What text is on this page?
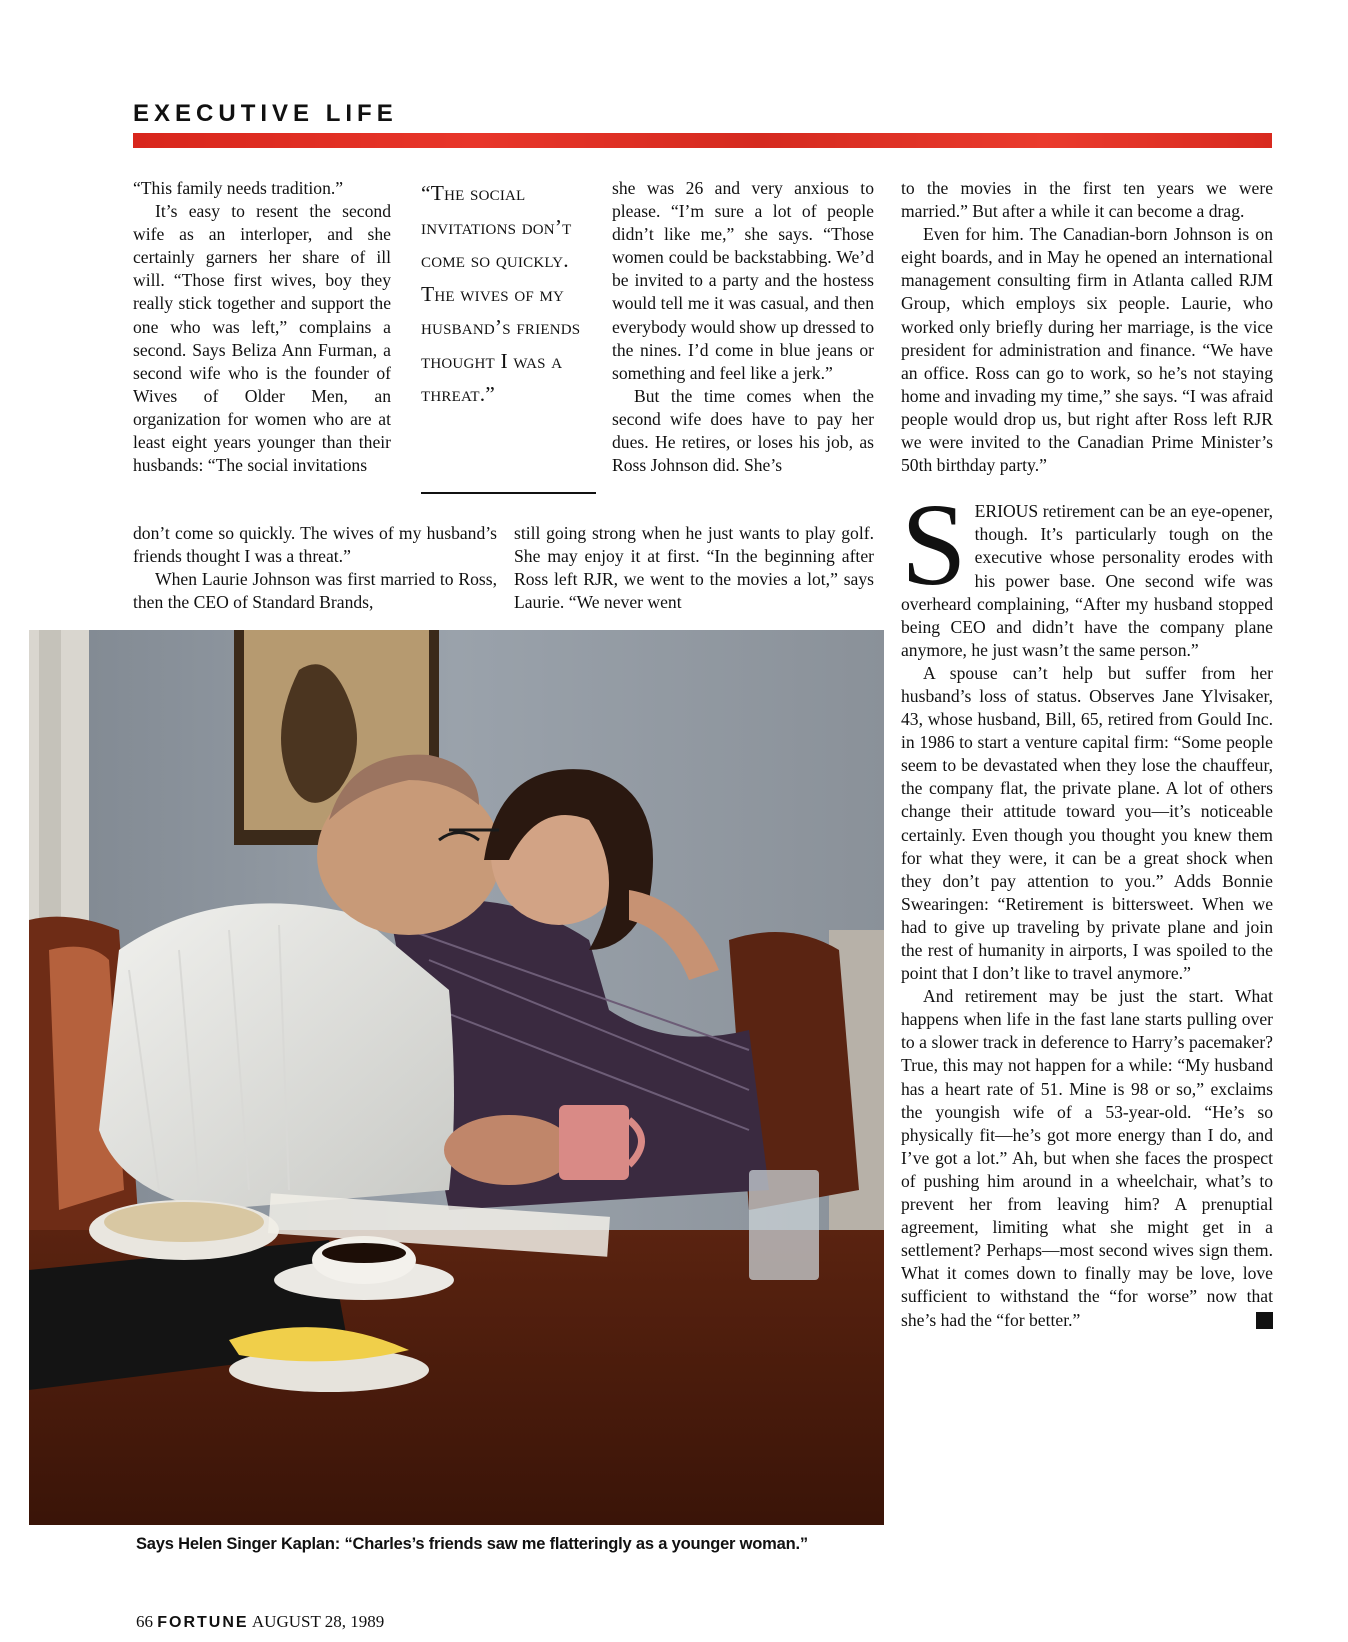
EXECUTIVE LIFE

“This family needs tradition.”

It’s easy to resent the second wife as an interloper, and she certainly garners her share of ill will. “Those first wives, boy they really stick together and support the one who was left,” complains a second. Says Beliza Ann Furman, a second wife who is the founder of Wives of Older Men, an organization for women who are at least eight years younger than their husbands: “The social invitations

don’t come so quickly. The wives of my husband’s friends thought I was a threat.”

When Laurie Johnson was first married to Ross, then the CEO of Standard Brands,

“The social invitations don’t come so quickly. The wives of my husband’s friends thought I was a threat.”

she was 26 and very anxious to please. “I’m sure a lot of people didn’t like me,” she says. “Those women could be backstabbing. We’d be invited to a party and the hostess would tell me it was casual, and then everybody would show up dressed to the nines. I’d come in blue jeans or something and feel like a jerk.”

But the time comes when the second wife does have to pay her dues. He retires, or loses his job, as Ross Johnson did. She’s

still going strong when he just wants to play golf. She may enjoy it at first. “In the beginning after Ross left RJR, we went to the movies a lot,” says Laurie. “We never went

to the movies in the first ten years we were married.” But after a while it can become a drag.

Even for him. The Canadian-born Johnson is on eight boards, and in May he opened an international management consulting firm in Atlanta called RJM Group, which employs six people. Laurie, who worked only briefly during her marriage, is the vice president for administration and finance. “We have an office. Ross can go to work, so he’s not staying home and invading my time,” she says. “I was afraid people would drop us, but right after Ross left RJR we were invited to the Canadian Prime Minister’s 50th birthday party.”

SERIOUS retirement can be an eye-opener, though. It’s particularly tough on the executive whose personality erodes with his power base. One second wife was overheard complaining, “After my husband stopped being CEO and didn’t have the company plane anymore, he just wasn’t the same person.”

A spouse can’t help but suffer from her husband’s loss of status. Observes Jane Ylvisaker, 43, whose husband, Bill, 65, retired from Gould Inc. in 1986 to start a venture capital firm: “Some people seem to be devastated when they lose the chauffeur, the company flat, the private plane. A lot of others change their attitude toward you—it’s noticeable certainly. Even though you thought you knew them for what they were, it can be a great shock when they don’t pay attention to you.” Adds Bonnie Swearingen: “Retirement is bittersweet. When we had to give up traveling by private plane and join the rest of humanity in airports, I was spoiled to the point that I don’t like to travel anymore.”

And retirement may be just the start. What happens when life in the fast lane starts pulling over to a slower track in deference to Harry’s pacemaker? True, this may not happen for a while: “My husband has a heart rate of 51. Mine is 98 or so,” exclaims the youngish wife of a 53-year-old. “He’s so physically fit—he’s got more energy than I do, and I’ve got a lot.” Ah, but when she faces the prospect of pushing him around in a wheelchair, what’s to prevent her from leaving him? A prenuptial agreement, limiting what she might get in a settlement? Perhaps—most second wives sign them. What it comes down to finally may be love, love sufficient to withstand the “for worse” now that she’s had the “for better.”	F

Says Helen Singer Kaplan: “Charles’s friends saw me flatteringly as a younger woman.”
66 FORTUNE AUGUST 28, 1989
